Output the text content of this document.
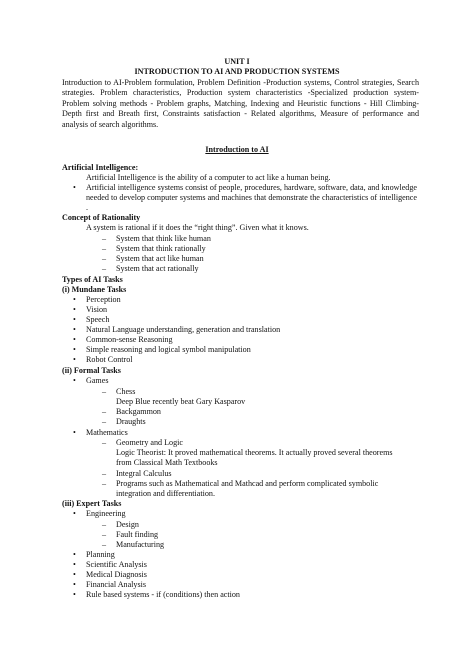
UNIT I
INTRODUCTION TO AI AND PRODUCTION SYSTEMS
Introduction to AI-Problem formulation, Problem Definition -Production systems, Control strategies, Search strategies. Problem characteristics, Production system characteristics -Specialized production system- Problem solving methods - Problem graphs, Matching, Indexing and Heuristic functions - Hill Climbing-Depth first and Breath first, Constraints satisfaction - Related algorithms, Measure of performance and analysis of search algorithms.
Introduction to AI
Artificial Intelligence:
Artificial Intelligence is the ability of a computer to act like a human being.
• Artificial intelligence systems consist of people, procedures, hardware, software, data, and knowledge needed to develop computer systems and machines that demonstrate the characteristics of intelligence .
Concept of Rationality
A system is rational if it does the “right thing”. Given what it knows.
– System that think like human
– System that think rationally
– System that act like human
– System that act rationally
Types of AI Tasks
(i) Mundane Tasks
• Perception
• Vision
• Speech
• Natural Language understanding, generation and translation
• Common-sense Reasoning
• Simple reasoning and logical symbol manipulation
• Robot Control
(ii) Formal Tasks
• Games
– Chess
Deep Blue recently beat Gary Kasparov
– Backgammon
– Draughts
• Mathematics
– Geometry and Logic
Logic Theorist: It proved mathematical theorems. It actually proved several theorems
from Classical Math Textbooks
– Integral Calculus
– Programs such as Mathematical and Mathcad and perform complicated symbolic
integration and differentiation.
(iii) Expert Tasks
• Engineering
– Design
– Fault finding
– Manufacturing
• Planning
• Scientific Analysis
• Medical Diagnosis
• Financial Analysis
• Rule based systems - if (conditions) then action
